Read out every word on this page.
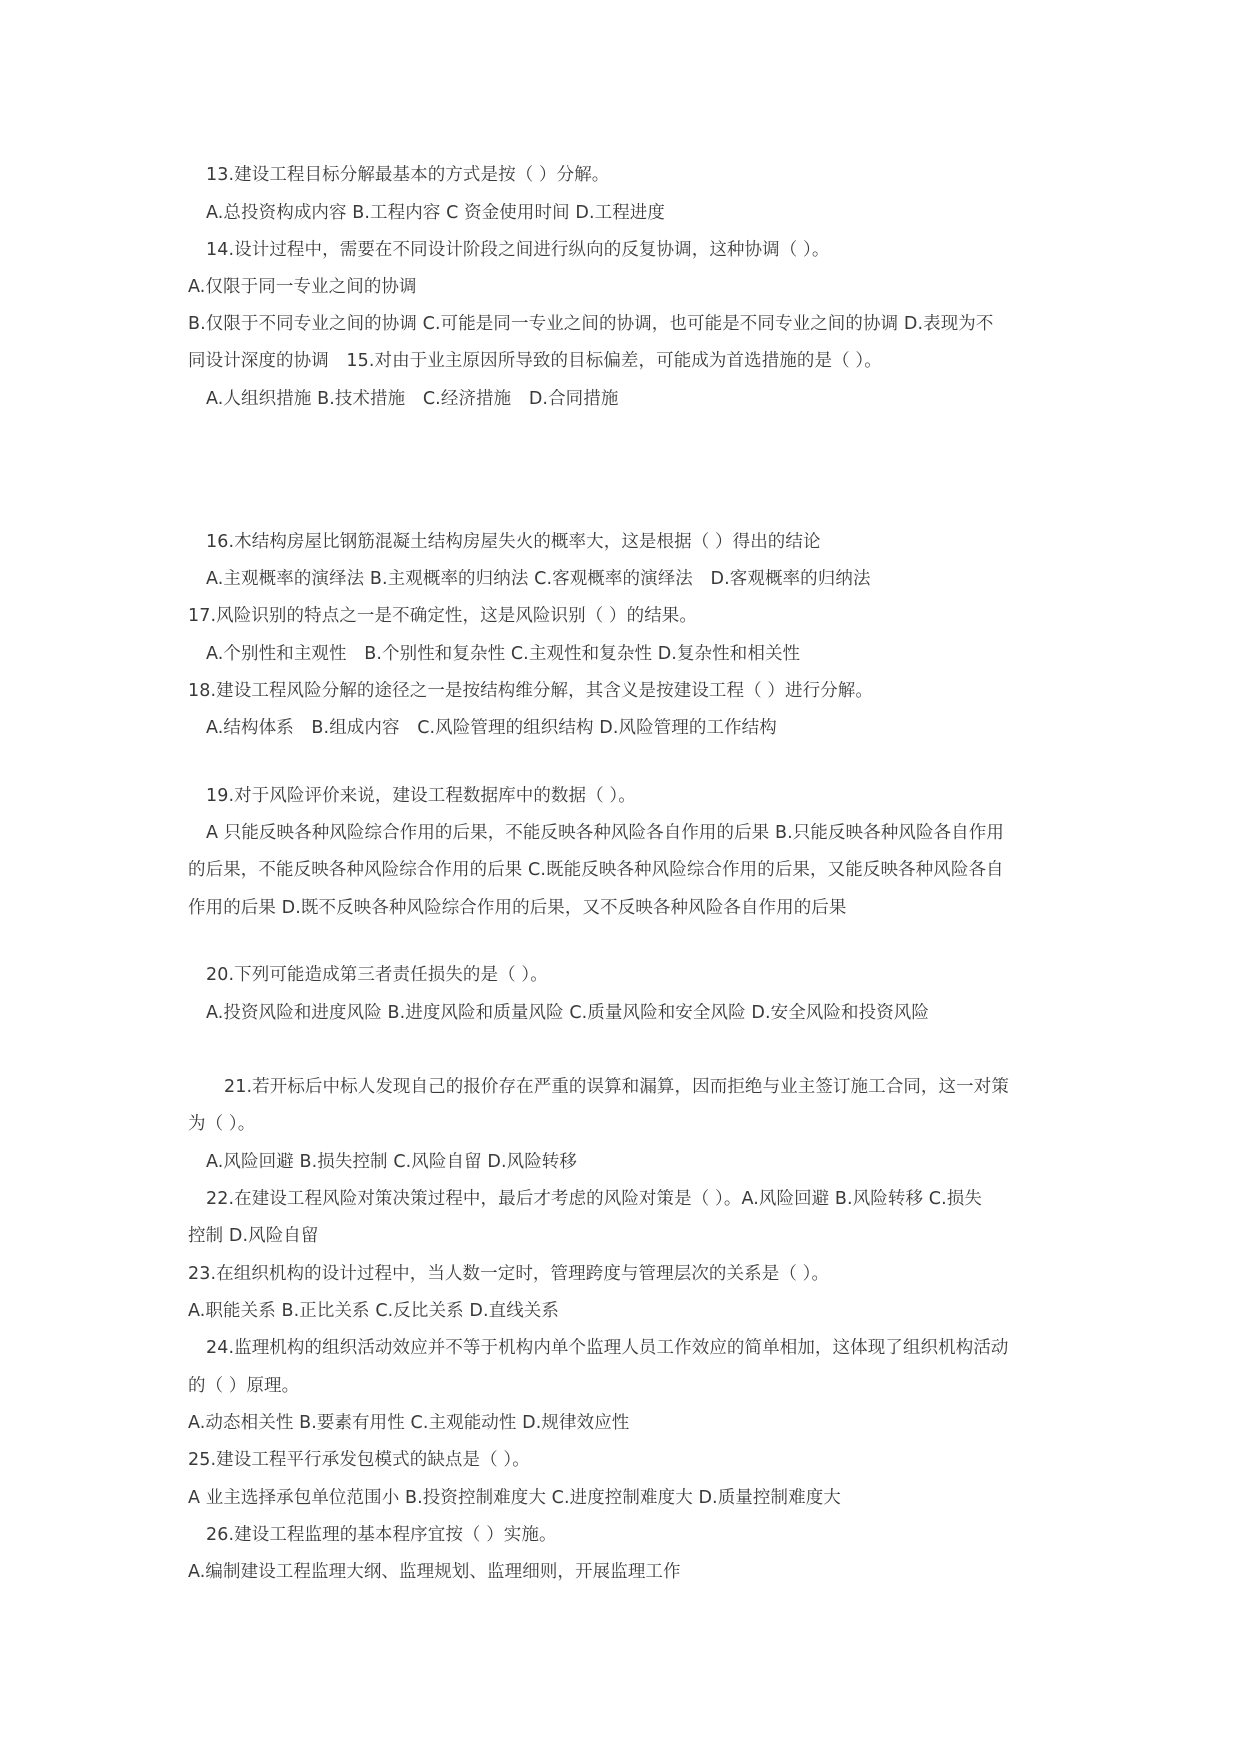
13.建设工程目标分解最基本的方式是按（ ）分解。
A.总投资构成内容 B.工程内容 C 资金使用时间 D.工程进度
14.设计过程中，需要在不同设计阶段之间进行纵向的反复协调，这种协调（ ）。
A.仅限于同一专业之间的协调
B.仅限于不同专业之间的协调 C.可能是同一专业之间的协调，也可能是不同专业之间的协调 D.表现为不
同设计深度的协调　15.对由于业主原因所导致的目标偏差，可能成为首选措施的是（ ）。
A.人组织措施 B.技术措施　C.经济措施　D.合同措施
16.木结构房屋比钢筋混凝土结构房屋失火的概率大，这是根据（ ）得出的结论
A.主观概率的演绎法 B.主观概率的归纳法 C.客观概率的演绎法　D.客观概率的归纳法
17.风险识别的特点之一是不确定性，这是风险识别（ ）的结果。
A.个别性和主观性　B.个别性和复杂性 C.主观性和复杂性 D.复杂性和相关性
18.建设工程风险分解的途径之一是按结构维分解，其含义是按建设工程（ ）进行分解。
A.结构体系　B.组成内容　C.风险管理的组织结构 D.风险管理的工作结构
19.对于风险评价来说，建设工程数据库中的数据（ ）。
A 只能反映各种风险综合作用的后果，不能反映各种风险各自作用的后果 B.只能反映各种风险各自作用
的后果，不能反映各种风险综合作用的后果 C.既能反映各种风险综合作用的后果，又能反映各种风险各自
作用的后果 D.既不反映各种风险综合作用的后果，又不反映各种风险各自作用的后果
20.下列可能造成第三者责任损失的是（ ）。
A.投资风险和进度风险 B.进度风险和质量风险 C.质量风险和安全风险 D.安全风险和投资风险
21.若开标后中标人发现自己的报价存在严重的误算和漏算，因而拒绝与业主签订施工合同，这一对策
为（ ）。
A.风险回避 B.损失控制 C.风险自留 D.风险转移
22.在建设工程风险对策决策过程中，最后才考虑的风险对策是（ ）。A.风险回避 B.风险转移 C.损失
控制 D.风险自留
23.在组织机构的设计过程中，当人数一定时，管理跨度与管理层次的关系是（ ）。
A.职能关系 B.正比关系 C.反比关系 D.直线关系
24.监理机构的组织活动效应并不等于机构内单个监理人员工作效应的简单相加，这体现了组织机构活动
的（ ）原理。
A.动态相关性 B.要素有用性 C.主观能动性 D.规律效应性
25.建设工程平行承发包模式的缺点是（ ）。
A 业主选择承包单位范围小 B.投资控制难度大 C.进度控制难度大 D.质量控制难度大
26.建设工程监理的基本程序宜按（ ）实施。
A.编制建设工程监理大纲、监理规划、监理细则，开展监理工作
